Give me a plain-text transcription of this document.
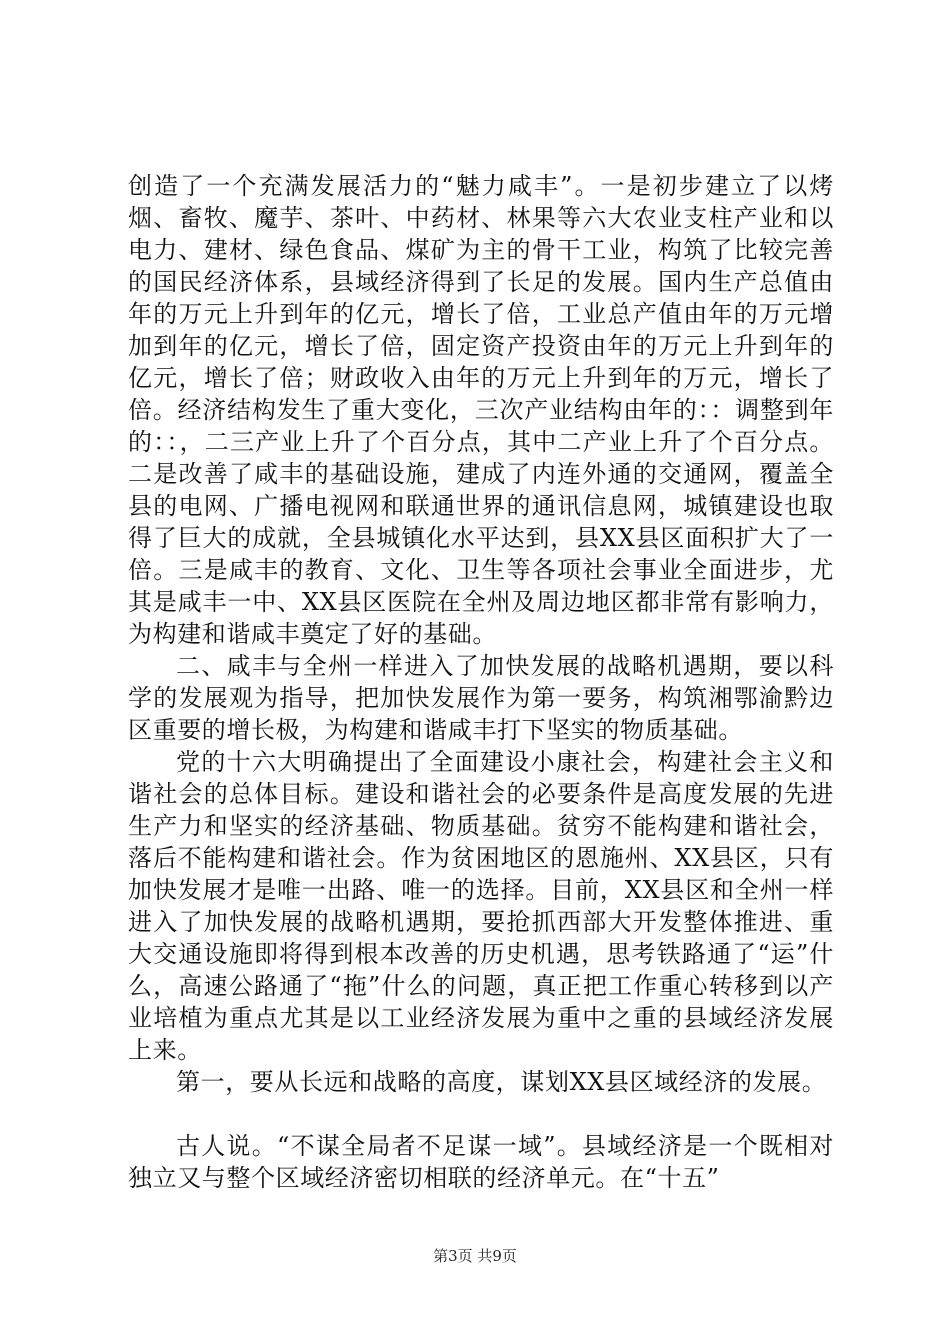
创造了一个充满发展活力的“魅力咸丰”。一是初步建立了以烤烟、畜牧、魔芋、茶叶、中药材、林果等六大农业支柱产业和以电力、建材、绿色食品、煤矿为主的骨干工业，构筑了比较完善的国民经济体系，县域经济得到了长足的发展。国内生产总值由年的万元上升到年的亿元，增长了倍，工业总产值由年的万元增加到年的亿元，增长了倍，固定资产投资由年的万元上升到年的亿元，增长了倍；财政收入由年的万元上升到年的万元，增长了倍。经济结构发生了重大变化，三次产业结构由年的：：调整到年的：：，二三产业上升了个百分点，其中二产业上升了个百分点。二是改善了咸丰的基础设施，建成了内连外通的交通网，覆盖全县的电网、广播电视网和联通世界的通讯信息网，城镇建设也取得了巨大的成就，全县城镇化水平达到，县XX县区面积扩大了一倍。三是咸丰的教育、文化、卫生等各项社会事业全面进步，尤其是咸丰一中、XX县区医院在全州及周边地区都非常有影响力，为构建和谐咸丰奠定了好的基础。

二、咸丰与全州一样进入了加快发展的战略机遇期，要以科学的发展观为指导，把加快发展作为第一要务，构筑湘鄂渝黔边区重要的增长极，为构建和谐咸丰打下坚实的物质基础。

党的十六大明确提出了全面建设小康社会，构建社会主义和谐社会的总体目标。建设和谐社会的必要条件是高度发展的先进生产力和坚实的经济基础、物质基础。贫穷不能构建和谐社会，落后不能构建和谐社会。作为贫困地区的恩施州、XX县区，只有加快发展才是唯一出路、唯一的选择。目前，XX县区和全州一样进入了加快发展的战略机遇期，要抢抓西部大开发整体推进、重大交通设施即将得到根本改善的历史机遇，思考铁路通了“运”什么，高速公路通了“拖”什么的问题，真正把工作重心转移到以产业培植为重点尤其是以工业经济发展为重中之重的县域经济发展上来。

第一，要从长远和战略的高度，谋划XX县区域经济的发展。

古人说。“不谋全局者不足谋一域”。县域经济是一个既相对独立又与整个区域经济密切相联的经济单元。在“十五”

第3页 共9页
